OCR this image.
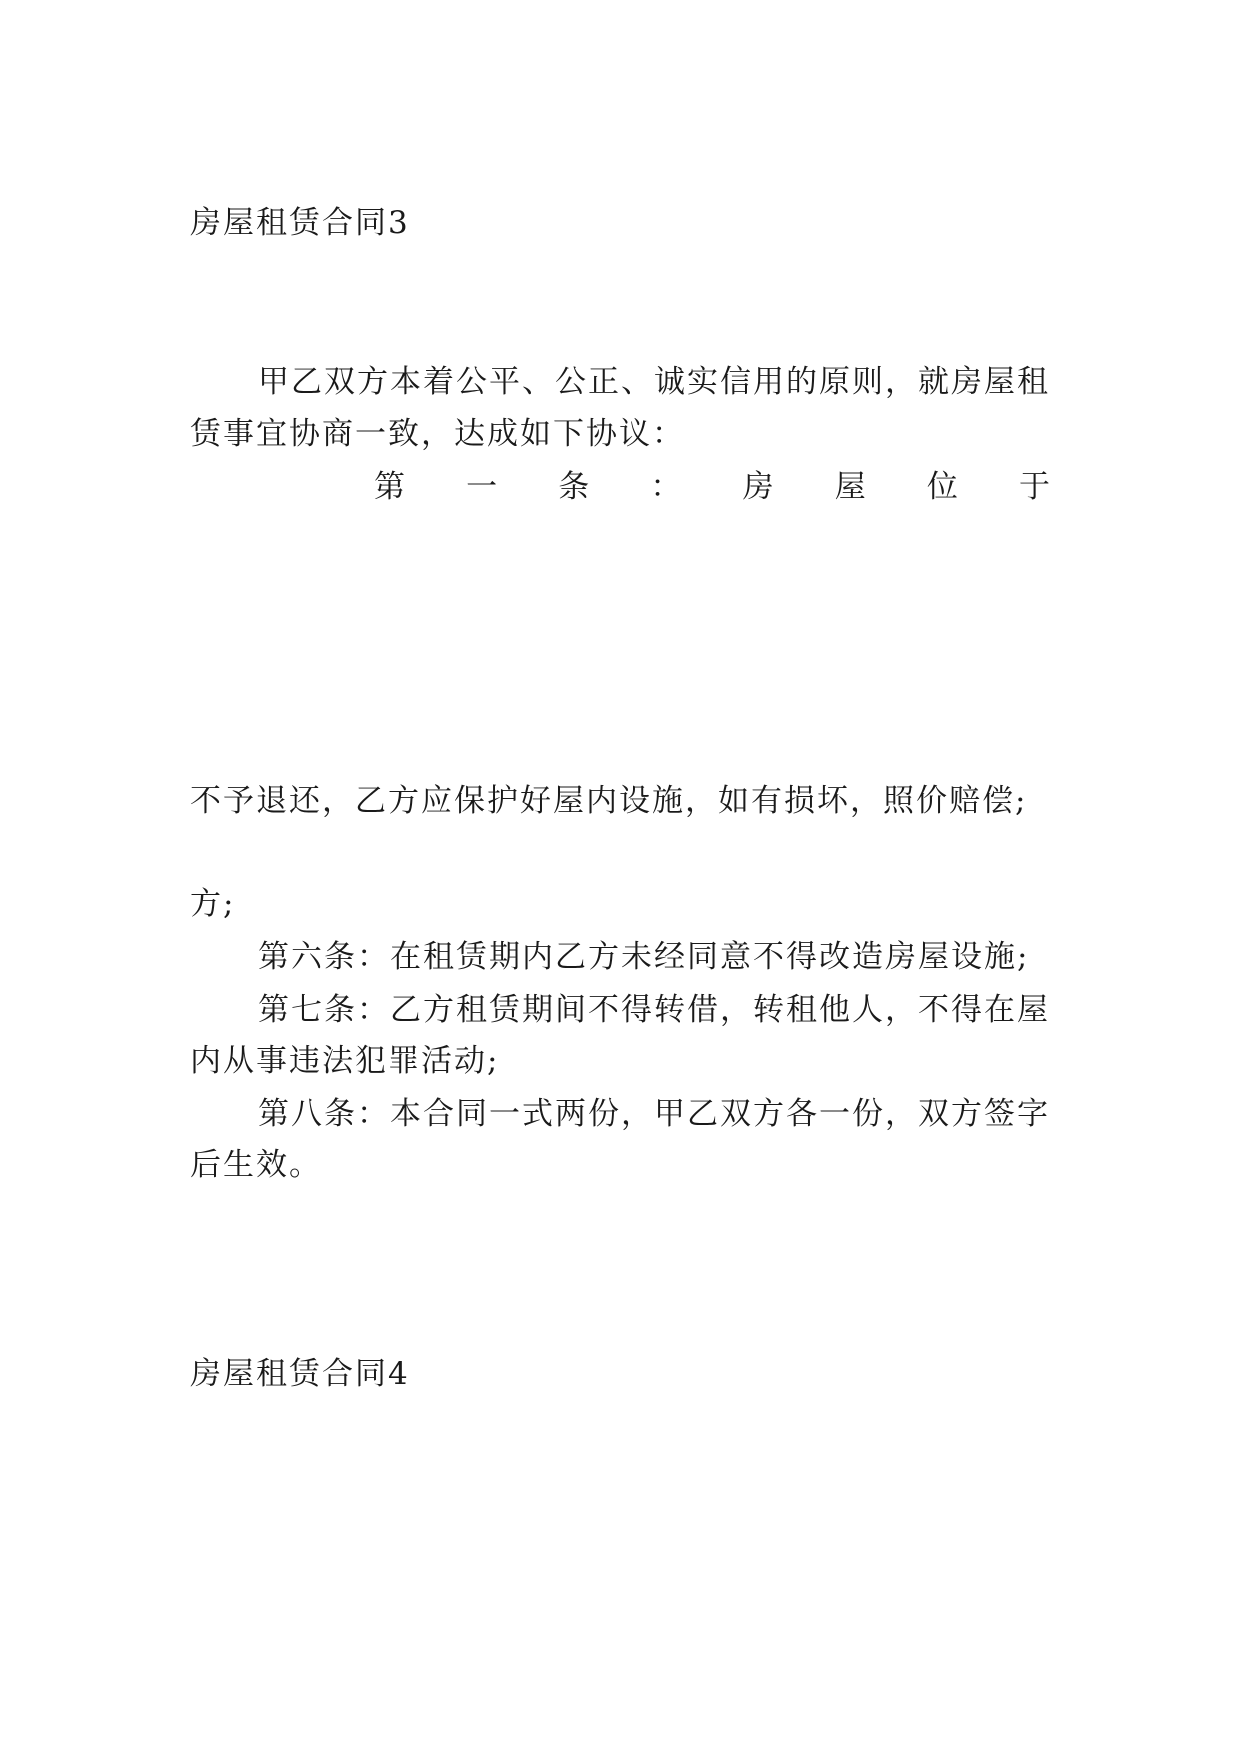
房屋租赁合同3

甲乙双方本着公平、公正、诚实信用的原则，就房屋租
赁事宜协商一致，达成如下协议：
第 一 条 ： 房 屋 位 于

不予退还，乙方应保护好屋内设施，如有损坏，照价赔偿;

方;
第六条：在租赁期内乙方未经同意不得改造房屋设施;
第七条：乙方租赁期间不得转借，转租他人，不得在屋
内从事违法犯罪活动;
第八条：本合同一式两份，甲乙双方各一份，双方签字
后生效。

房屋租赁合同4
